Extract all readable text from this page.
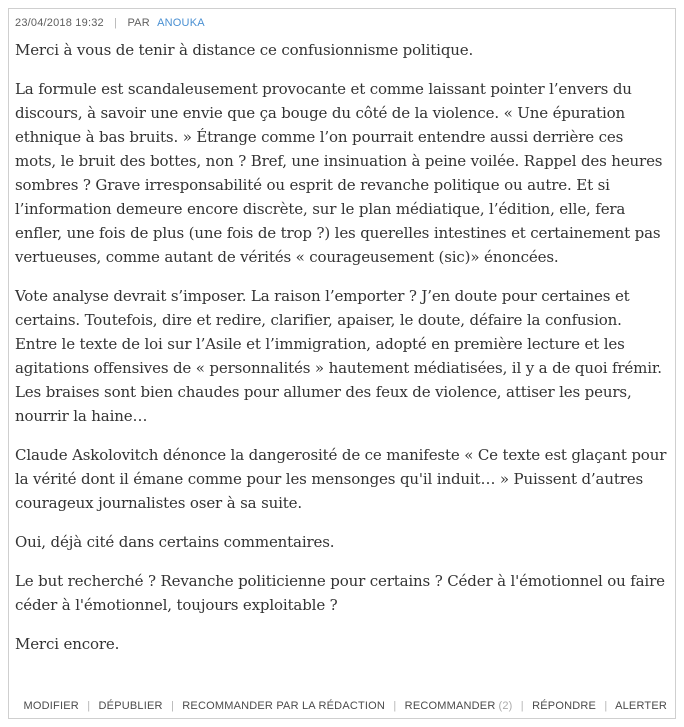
23/04/2018 19:32 | PAR ANOUKA

Merci à vous de tenir à distance ce confusionnisme politique.

La formule est scandaleusement provocante et comme laissant pointer l’envers du discours, à savoir une envie que ça bouge du côté de la violence. « Une épuration ethnique à bas bruits. » Étrange comme l’on pourrait entendre aussi derrière ces mots, le bruit des bottes, non ? Bref, une insinuation à peine voilée. Rappel des heures sombres ? Grave irresponsabilité ou esprit de revanche politique ou autre. Et si l’information demeure encore discrète, sur le plan médiatique, l’édition, elle, fera enfler, une fois de plus (une fois de trop ?) les querelles intestines et certainement pas vertueuses, comme autant de vérités « courageusement (sic)» énoncées.

Vote analyse devrait s’imposer. La raison l’emporter ? J’en doute pour certaines et certains. Toutefois, dire et redire, clarifier, apaiser, le doute, défaire la confusion. Entre le texte de loi sur l’Asile et l’immigration, adopté en première lecture et les agitations offensives de « personnalités » hautement médiatisées, il y a de quoi frémir. Les braises sont bien chaudes pour allumer des feux de violence, attiser les peurs, nourrir la haine…

Claude Askolovitch dénonce la dangerosité de ce manifeste « Ce texte est glaçant pour la vérité dont il émane comme pour les mensonges qu'il induit… » Puissent d’autres courageux journalistes oser à sa suite.

Oui, déjà cité dans certains commentaires.

Le but recherché ? Revanche politicienne pour certains ? Céder à l'émotionnel ou faire céder à l'émotionnel, toujours exploitable ?

Merci encore.

MODIFIER | DÉPUBLIER | RECOMMANDER PAR LA RÉDACTION | RECOMMANDER (2) | RÉPONDRE | ALERTER
